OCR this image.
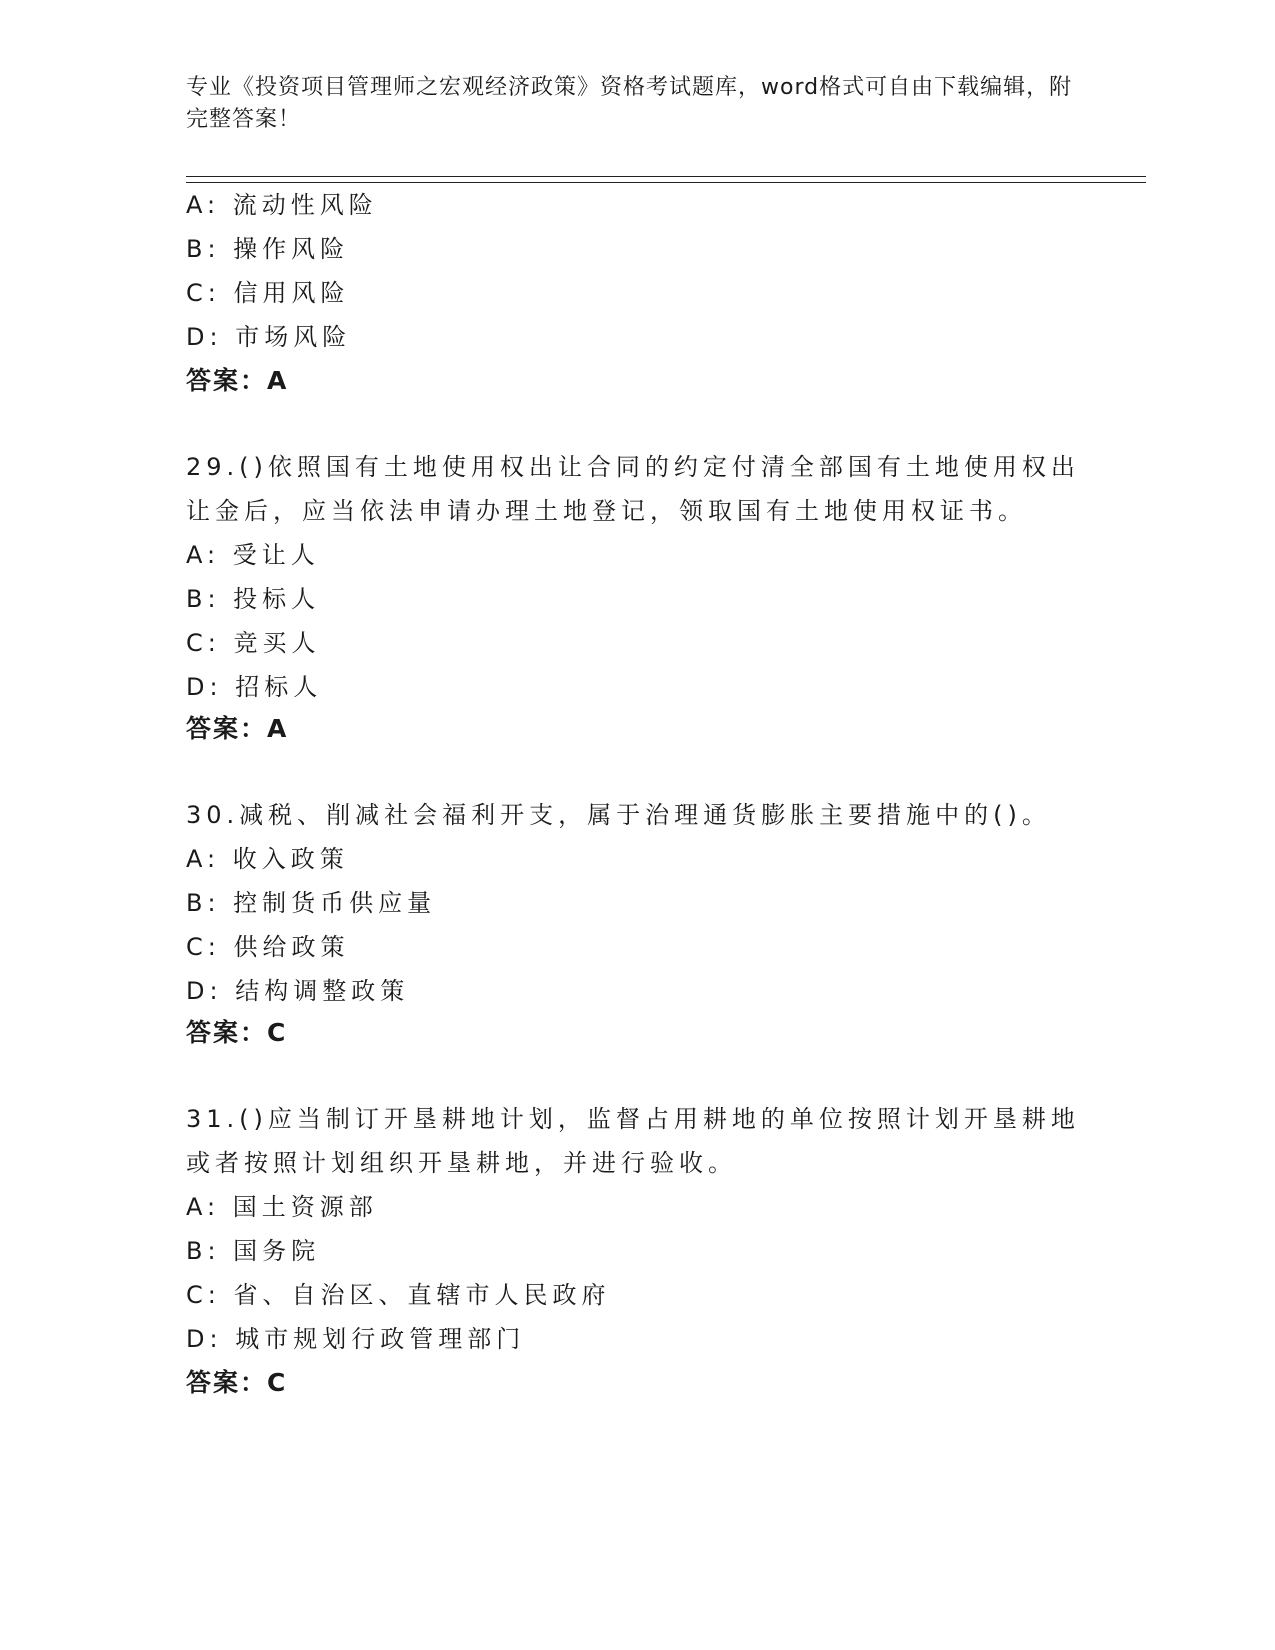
专业《投资项目管理师之宏观经济政策》资格考试题库，word格式可自由下载编辑，附完整答案！

A: 流动性风险

B: 操作风险

C: 信用风险

D: 市场风险

答案：A

29.()依照国有土地使用权出让合同的约定付清全部国有土地使用权出

让金后，应当依法申请办理土地登记，领取国有土地使用权证书。

A: 受让人

B: 投标人

C: 竞买人

D: 招标人

答案：A

30.减税、削减社会福利开支，属于治理通货膨胀主要措施中的()。

A: 收入政策

B: 控制货币供应量

C: 供给政策

D: 结构调整政策

答案：C

31.()应当制订开垦耕地计划，监督占用耕地的单位按照计划开垦耕地

或者按照计划组织开垦耕地，并进行验收。

A: 国土资源部

B: 国务院

C: 省、自治区、直辖市人民政府

D: 城市规划行政管理部门

答案：C
